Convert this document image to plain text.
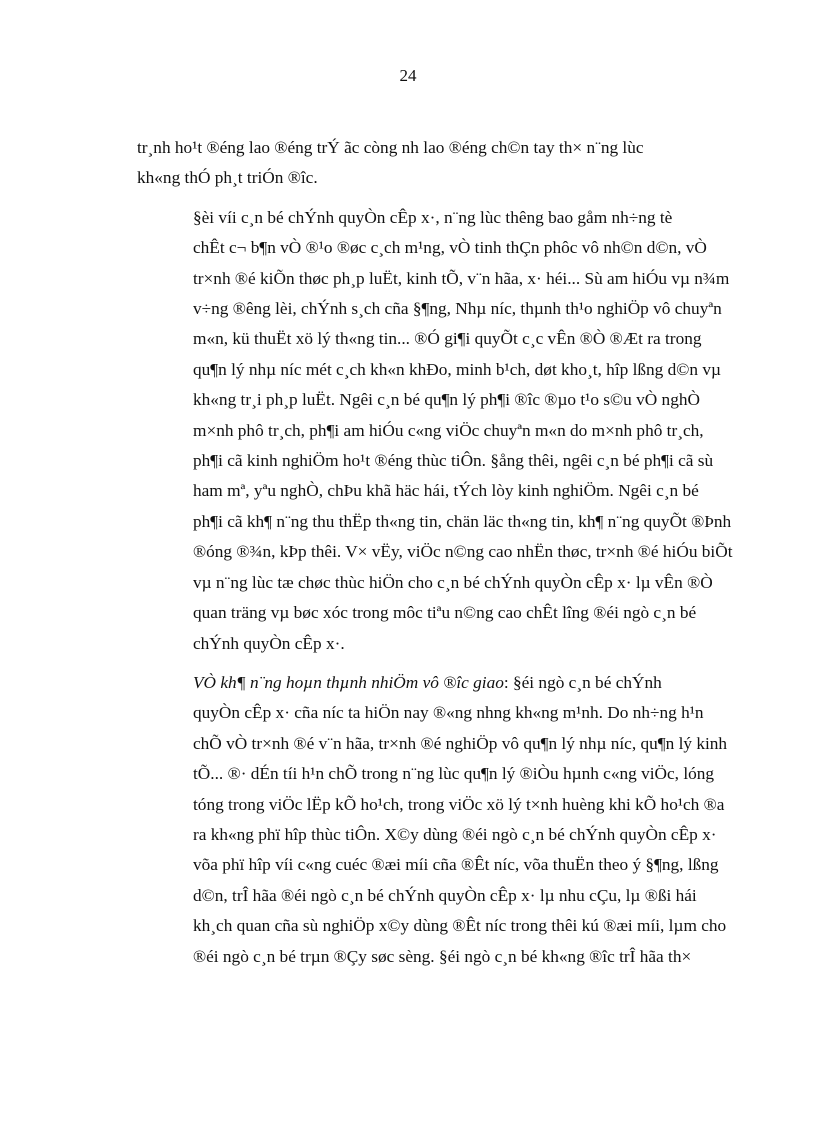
24

tr¸nh ho¹t ®éng lao ®éng trÝ ãc còng nh lao ®éng ch©n tay th× n¨ng lùc
kh«ng thÓ ph¸t triÓn ®îc.

§èi víi c¸n bé chÝnh quyÒn cÊp x·, n¨ng lùc thêng bao gåm nh÷ng tè
chÊt c¬ b¶n vÒ ®¹o ®øc c¸ch m¹ng, vÒ tinh thÇn phôc vô nh©n d©n, vÒ
tr×nh ®é kiÕn thøc ph¸p luËt, kinh tÕ, v¨n hãa, x· héi... Sù am hiÓu vµ n¾m
v÷ng ®êng lèi, chÝnh s¸ch cña §¶ng, Nhµ níc, thµnh th¹o nghiÖp vô chuyªn
m«n, kü thuËt xö lý th«ng tin... ®Ó gi¶i quyÕt c¸c vÊn ®Ò ®Æt ra trong
qu¶n lý nhµ níc mét c¸ch kh«n khÐo, minh b¹ch, døt kho¸t, hîp lßng d©n vµ
kh«ng tr¸i ph¸p luËt. Ngêi c¸n bé qu¶n lý ph¶i ®îc ®µo t¹o s©u vÒ nghÒ
m×nh phô tr¸ch, ph¶i am hiÓu c«ng viÖc chuyªn m«n do m×nh phô tr¸ch,
ph¶i cã kinh nghiÖm ho¹t ®éng thùc tiÔn. §ång thêi, ngêi c¸n bé ph¶i cã sù
ham mª, yªu nghÒ, chÞu khã häc hái, tÝch lòy kinh nghiÖm. Ngêi c¸n bé
ph¶i cã kh¶ n¨ng thu thËp th«ng tin, chän läc th«ng tin, kh¶ n¨ng quyÕt ®Þnh
®óng ®¾n, kÞp thêi. V× vËy, viÖc n©ng cao nhËn thøc, tr×nh ®é hiÓu biÕt
vµ n¨ng lùc tæ chøc thùc hiÖn cho c¸n bé chÝnh quyÒn cÊp x· lµ vÊn ®Ò
quan träng vµ bøc xóc trong môc tiªu n©ng cao chÊt lîng ®éi ngò c¸n bé
chÝnh quyÒn cÊp x·.

VÒ kh¶ n¨ng hoµn thµnh nhiÖm vô ®îc giao: §éi ngò c¸n bé chÝnh
quyÒn cÊp x· cña níc ta hiÖn nay ®«ng nhng kh«ng m¹nh. Do nh÷ng h¹n
chÕ vÒ tr×nh ®é v¨n hãa, tr×nh ®é nghiÖp vô qu¶n lý nhµ níc, qu¶n lý kinh
tÕ... ®· dÉn tíi h¹n chÕ trong n¨ng lùc qu¶n lý ®iÒu hµnh c«ng viÖc, lóng
tóng trong viÖc lËp kÕ ho¹ch, trong viÖc xö lý t×nh huèng khi kÕ ho¹ch ®a
ra kh«ng phï hîp thùc tiÔn. X©y dùng ®éi ngò c¸n bé chÝnh quyÒn cÊp x·
võa phï hîp víi c«ng cuéc ®æi míi cña ®Êt níc, võa thuËn theo ý §¶ng, lßng
d©n, trÎ hãa ®éi ngò c¸n bé chÝnh quyÒn cÊp x· lµ nhu cÇu, lµ ®ßi hái
kh¸ch quan cña sù nghiÖp x©y dùng ®Êt níc trong thêi kú ®æi míi, lµm cho
®éi ngò c¸n bé trµn ®Çy søc sèng. §éi ngò c¸n bé kh«ng ®îc trÎ hãa th×
